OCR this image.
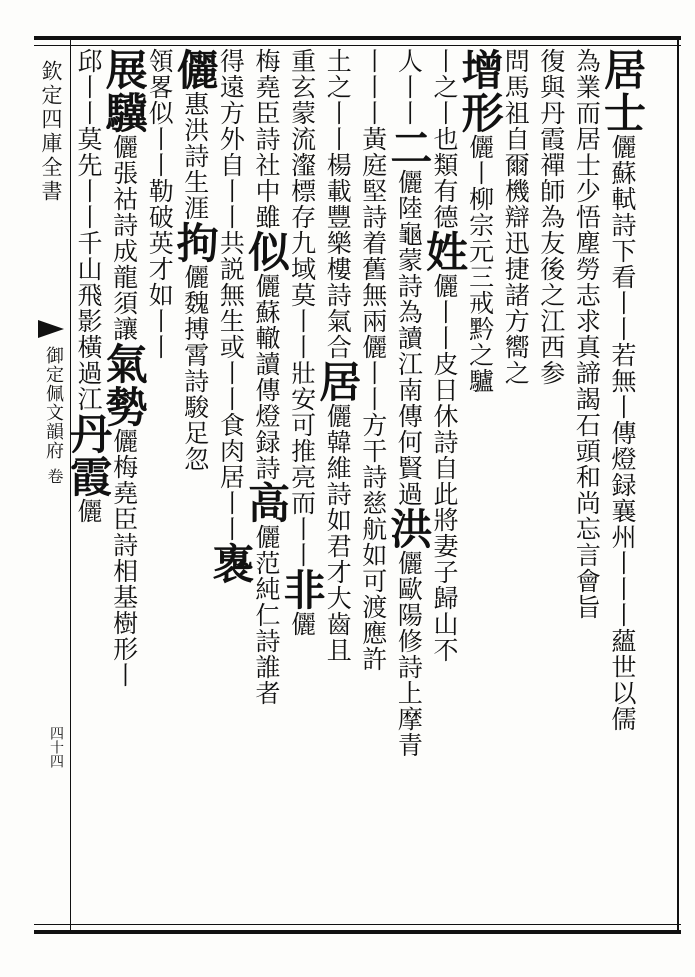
欽定四庫全書
御定佩文韻府
卷
四十四
居士儷蘇軾詩下看丨丨若無丨傳燈録襄州丨丨丨蘊世以儒
為業而居士少悟塵勞志求真諦謁石頭和尚忘言會旨
復與丹霞禪師為友後之江西参
問馬祖自爾機辯迅捷諸方嚮之
增形儷丨柳宗元三戒黔之驢
丨之丨也類有德姓儷丨丨皮日休詩自此將妻子歸山不
人丨丨二儷陸龜蒙詩為讀江南傳何賢過洪儷歐陽修詩上摩青
丨丨丨黃庭堅詩着舊無兩儷丨丨方干詩慈航如可渡應許
土之丨丨楊載豐樂樓詩氣合居儷韓維詩如君才大齒且
重玄蒙流瀣標存九域莫丨丨壯安可推亮而丨丨非儷
梅堯臣詩社中雖似儷蘇轍讀傳燈録詩高儷范純仁詩誰者
得遠方外自丨丨共説無生或丨丨食肉居丨丨褢
儷惠洪詩生涯拘儷魏搏霄詩駿足忽
領畧似丨丨勒破英才如丨丨
展驥儷張祜詩成龍須讓氣勢儷梅堯臣詩相基樹形丨
邱丨丨莫先丨丨千山飛影橫過江丹霞儷
